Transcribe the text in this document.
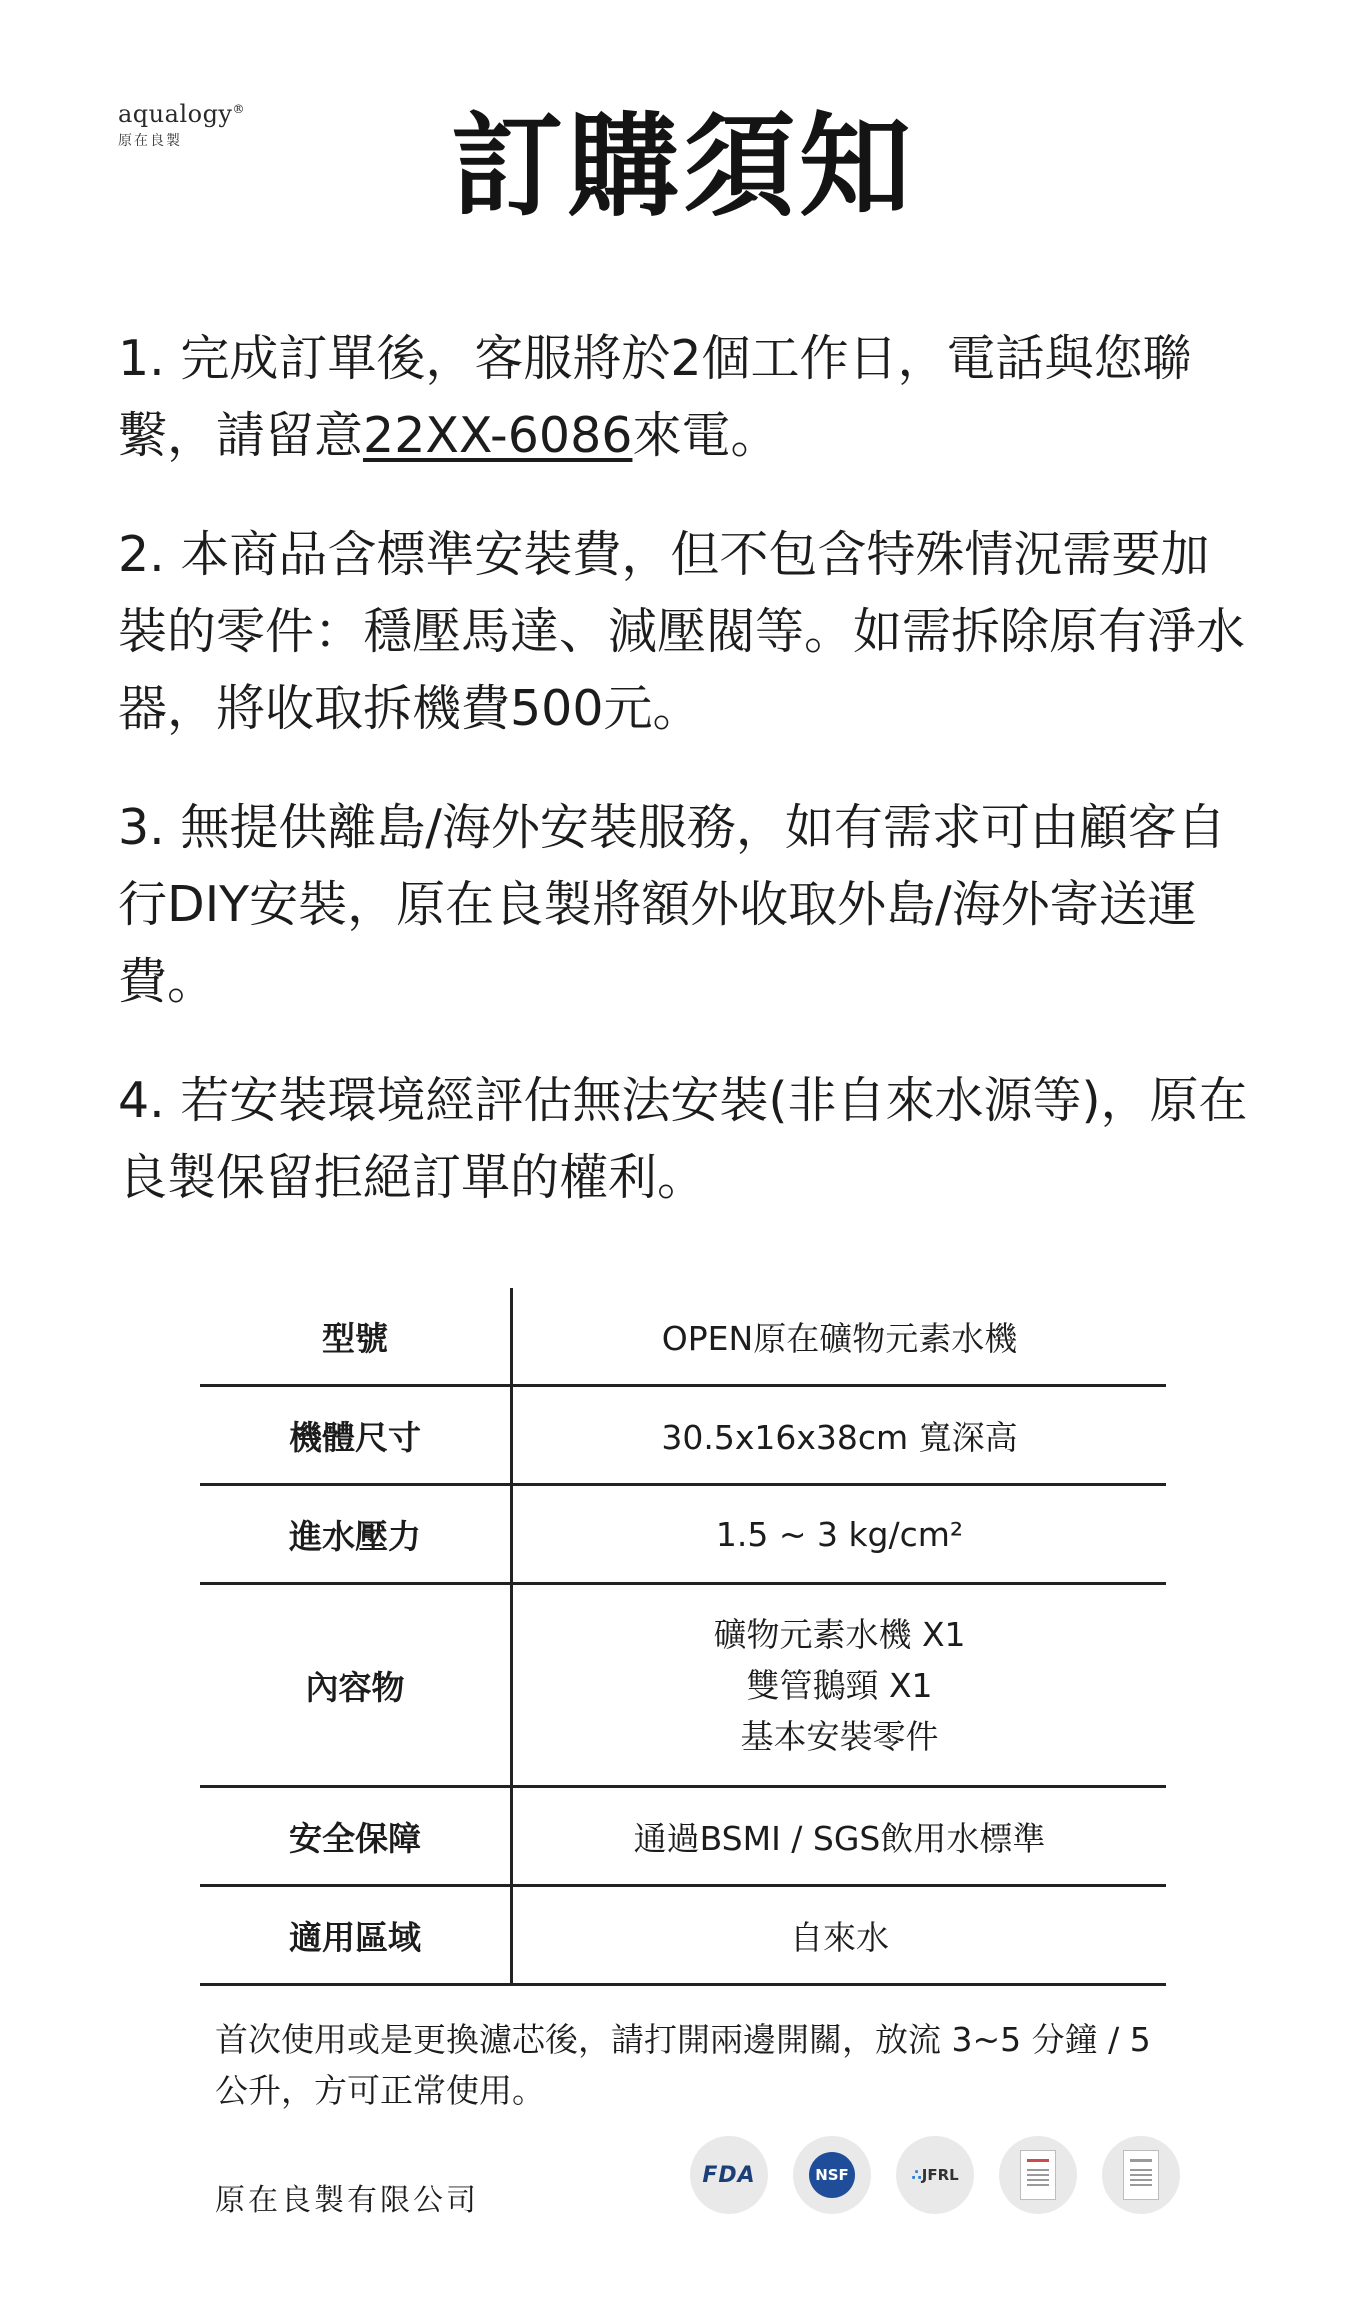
aqualogy®
原在良製	訂購須知

1. 完成訂單後，客服將於2個工作日，電話與您聯繫，請留意22XX-6086來電。

2. 本商品含標準安裝費，但不包含特殊情況需要加裝的零件：穩壓馬達、減壓閥等。如需拆除原有淨水器，將收取拆機費500元。

3. 無提供離島/海外安裝服務，如有需求可由顧客自行DIY安裝，原在良製將額外收取外島/海外寄送運費。

4. 若安裝環境經評估無法安裝(非自來水源等)，原在良製保留拒絕訂單的權利。

型號	OPEN原在礦物元素水機
機體尺寸	30.5x16x38cm 寬深高
進水壓力	1.5 ~ 3 kg/cm²
內容物	礦物元素水機 X1
雙管鵝頸 X1
基本安裝零件

安全保障	通過BSMI / SGS飲用水標準
適用區域	自來水
首次使用或是更換濾芯後，請打開兩邊開關，放流 3~5 分鐘 / 5公升，方可正常使用。
原在良製有限公司
FDA	NSF	∴JFRL
